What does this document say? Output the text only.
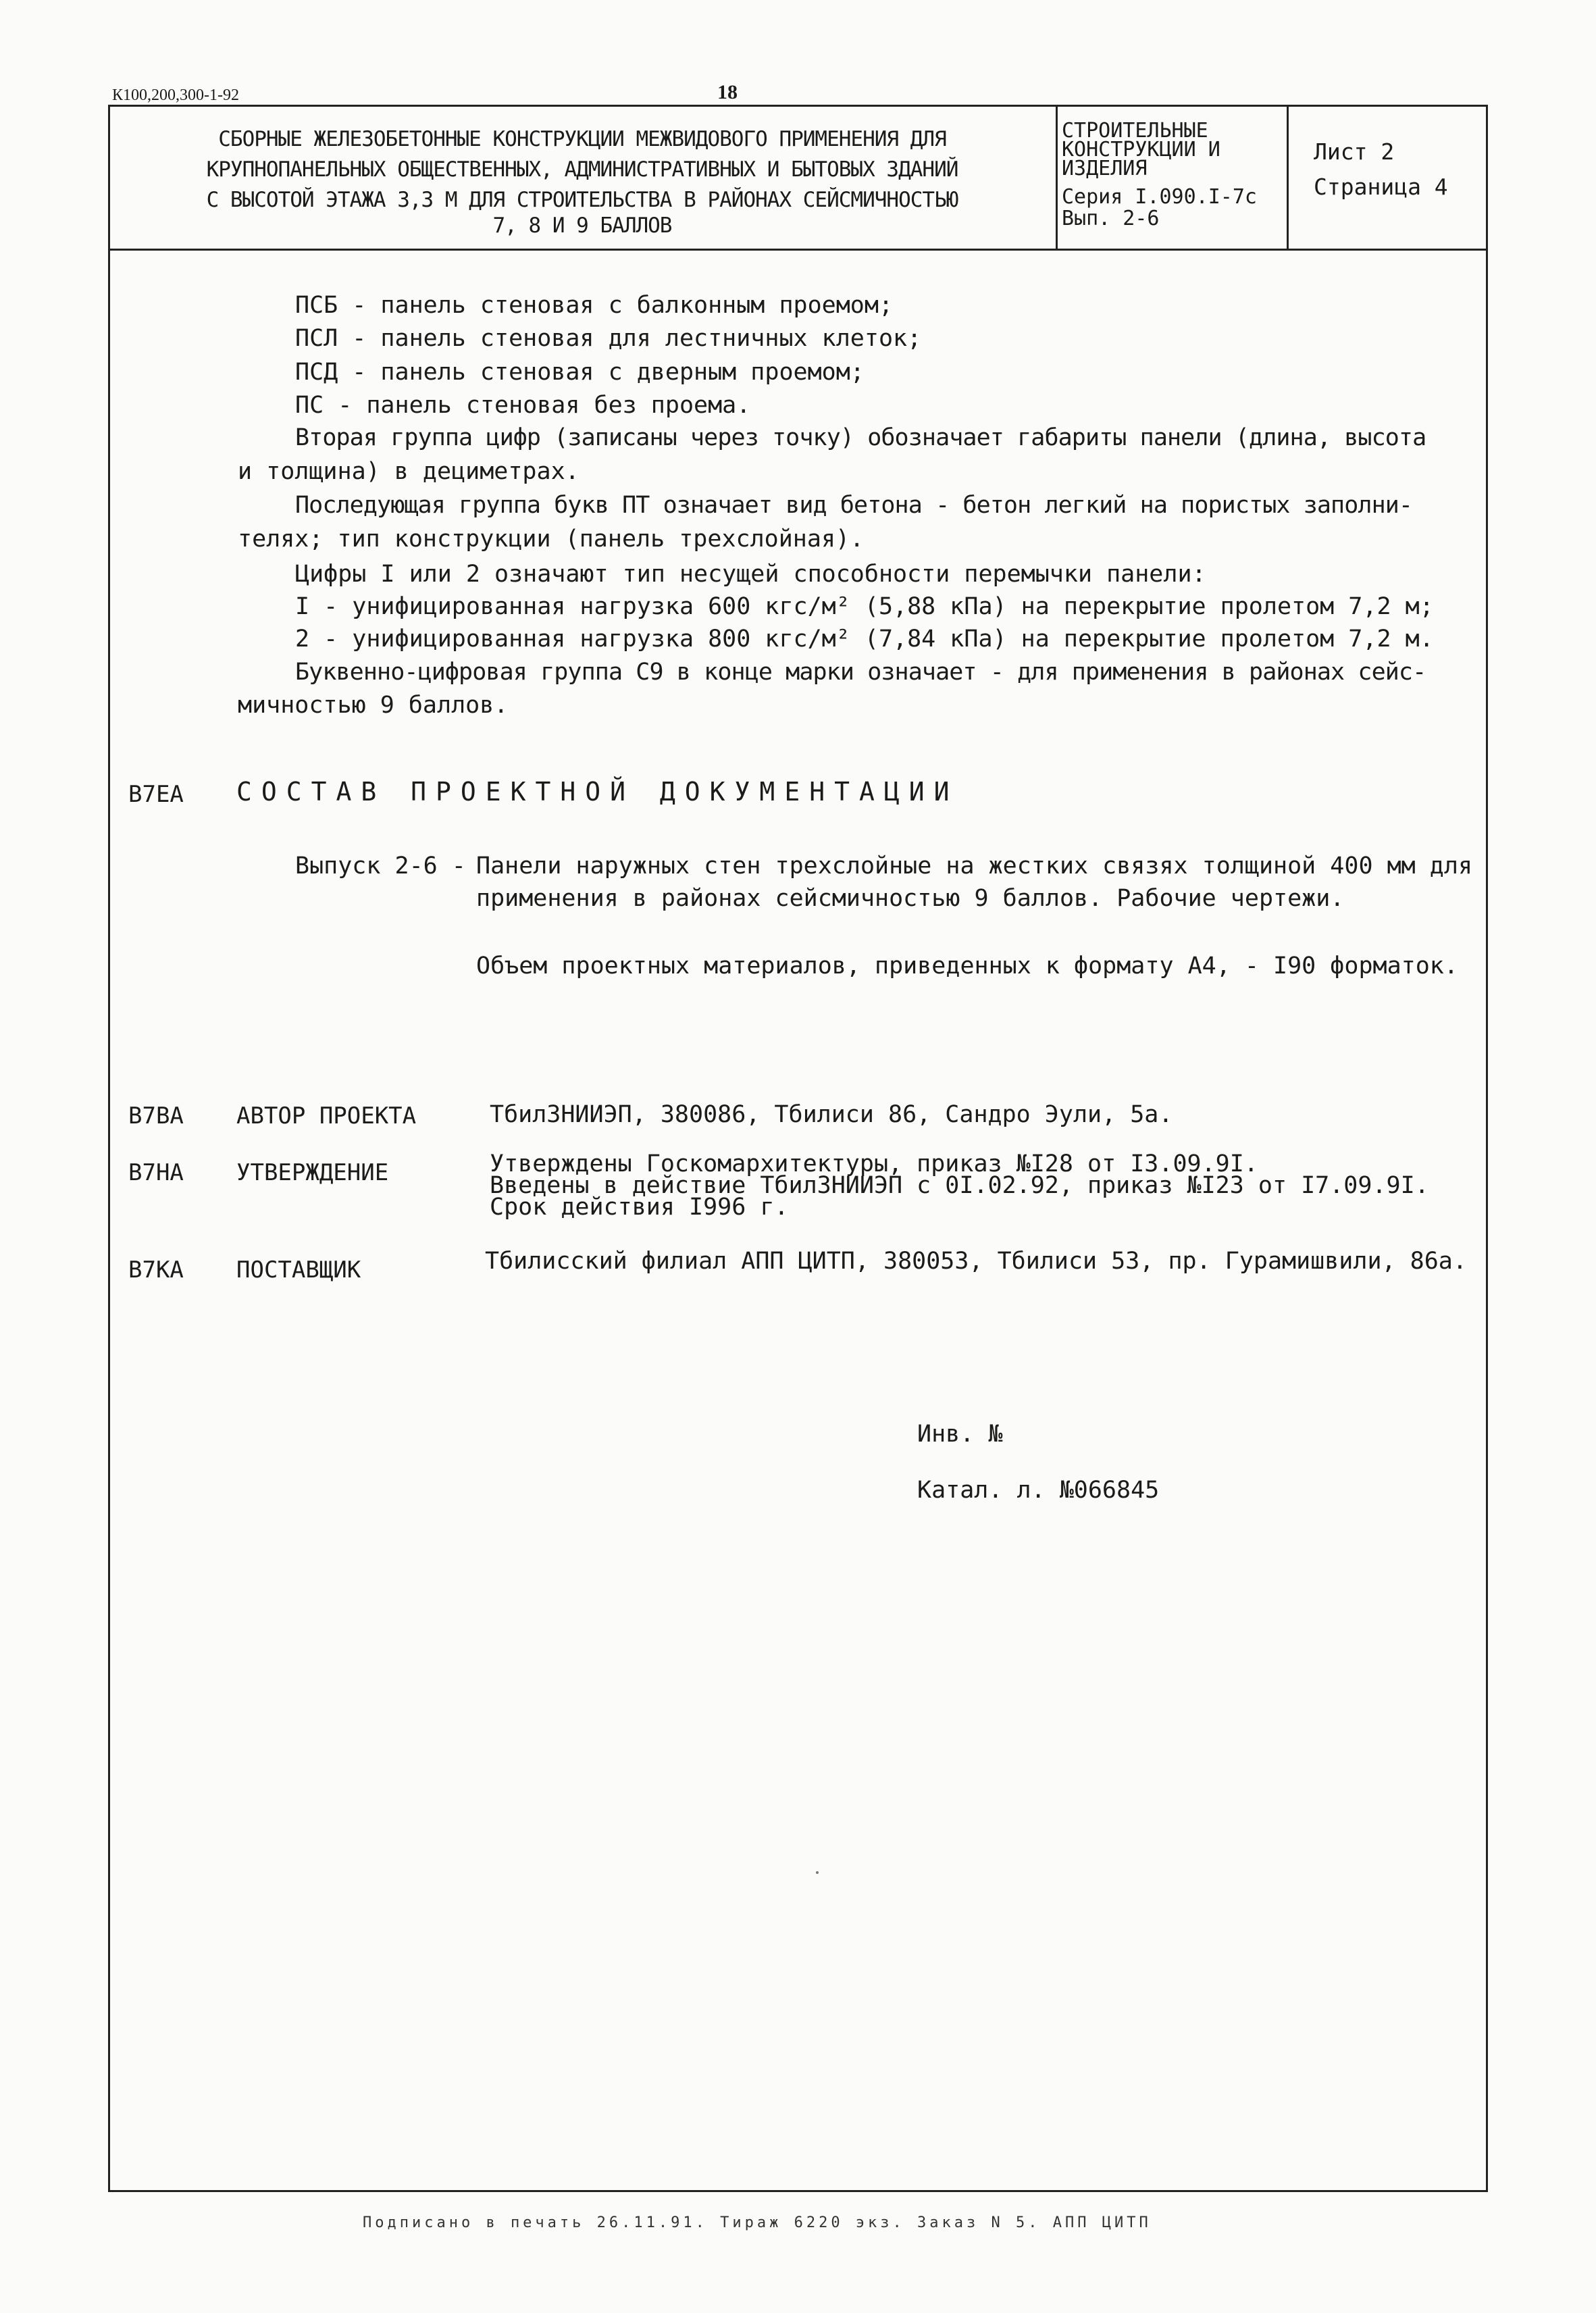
К100,200,300-1-92	18
СБОРНЫЕ ЖЕЛЕЗОБЕТОННЫЕ КОНСТРУКЦИИ МЕЖВИДОВОГО ПРИМЕНЕНИЯ ДЛЯ
КРУПНОПАНЕЛЬНЫХ ОБЩЕСТВЕННЫХ, АДМИНИСТРАТИВНЫХ И БЫТОВЫХ ЗДАНИЙ
С ВЫСОТОЙ ЭТАЖА 3,3 М ДЛЯ СТРОИТЕЛЬСТВА В РАЙОНАХ СЕЙСМИЧНОСТЬЮ
7, 8 И 9 БАЛЛОВ
СТРОИТЕЛЬНЫЕ
КОНСТРУКЦИИ И
ИЗДЕЛИЯ
Серия I.090.I-7с
Вып. 2-6
Лист 2
Страница 4
ПСБ - панель стеновая с балконным проемом;
ПСЛ - панель стеновая для лестничных клеток;
ПСД - панель стеновая с дверным проемом;
ПС - панель стеновая без проема.
Вторая группа цифр (записаны через точку) обозначает габариты панели (длина, высота
и толщина) в дециметрах.
Последующая группа букв ПТ означает вид бетона - бетон легкий на пористых заполни-
телях; тип конструкции (панель трехслойная).
Цифры I или 2 означают тип несущей способности перемычки панели:
I - унифицированная нагрузка 600 кгс/м² (5,88 кПа) на перекрытие пролетом 7,2 м;
2 - унифицированная нагрузка 800 кгс/м² (7,84 кПа) на перекрытие пролетом 7,2 м.
Буквенно-цифровая группа С9 в конце марки означает - для применения в районах сейс-
мичностью 9 баллов.
В7ЕА СОСТАВ ПРОЕКТНОЙ ДОКУМЕНТАЦИИ
Выпуск 2-6 - Панели наружных стен трехслойные на жестких связях толщиной 400 мм для
применения в районах сейсмичностью 9 баллов. Рабочие чертежи.
Объем проектных материалов, приведенных к формату А4, - I90 форматок.
В7ВА АВТОР ПРОЕКТА	ТбилЗНИИЭП, 380086, Тбилиси 86, Сандро Эули, 5а.
В7НА УТВЕРЖДЕНИЕ	Утверждены Госкомархитектуры, приказ №I28 от I3.09.9I.
Введены в действие ТбилЗНИИЭП с 0I.02.92, приказ №I23 от I7.09.9I.
Срок действия I996 г.
В7КА ПОСТАВЩИК	Тбилисский филиал АПП ЦИТП, 380053, Тбилиси 53, пр. Гурамишвили, 86а.
Инв. №
Катал. л. №066845
Подписано в печать 26.11.91. Тираж 6220 экз. Заказ N 5. АПП ЦИТП
